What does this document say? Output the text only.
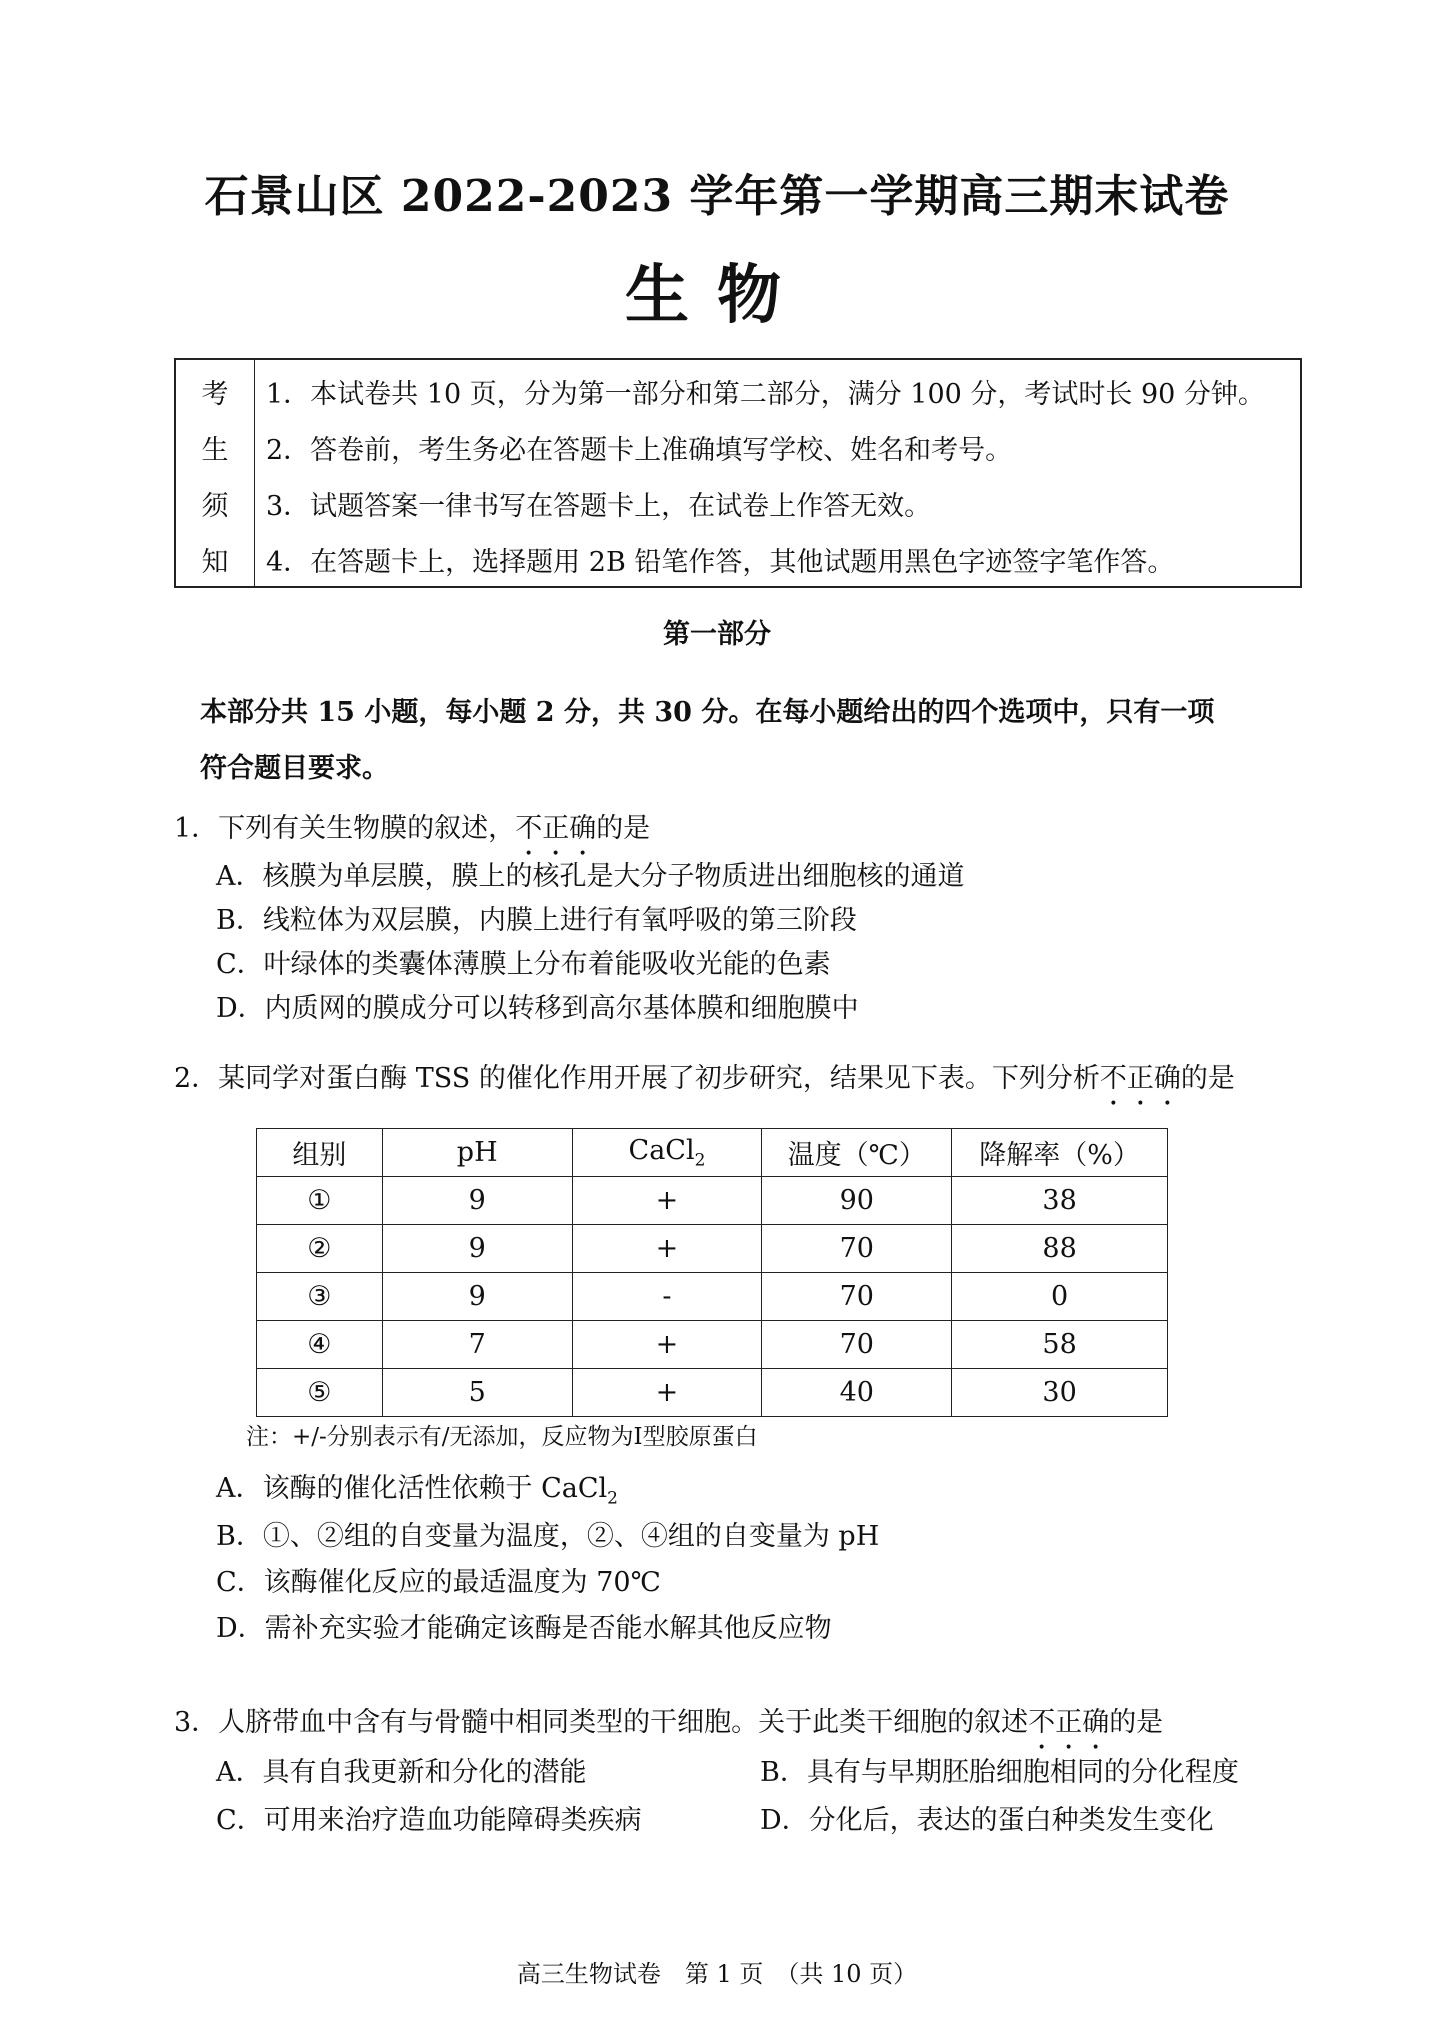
石景山区 2022-2023 学年第一学期高三期末试卷
生物
考
生
须
知
1．本试卷共 10 页，分为第一部分和第二部分，满分 100 分，考试时长 90 分钟。
2．答卷前，考生务必在答题卡上准确填写学校、姓名和考号。
3．试题答案一律书写在答题卡上，在试卷上作答无效。
4．在答题卡上，选择题用 2B 铅笔作答，其他试题用黑色字迹签字笔作答。
第一部分
本部分共 15 小题，每小题 2 分，共 30 分。在每小题给出的四个选项中，只有一项
符合题目要求。
1．下列有关生物膜的叙述，不正确的是
A．核膜为单层膜，膜上的核孔是大分子物质进出细胞核的通道
B．线粒体为双层膜，内膜上进行有氧呼吸的第三阶段
C．叶绿体的类囊体薄膜上分布着能吸收光能的色素
D．内质网的膜成分可以转移到高尔基体膜和细胞膜中
2．某同学对蛋白酶 TSS 的催化作用开展了初步研究，结果见下表。下列分析不正确的是
组别	pH	CaCl$_2$	温度（℃）	降解率（%）
①	9	+	90	38
②	9	+	70	88
③	9	-	70	0
④	7	+	70	58
⑤	5	+	40	30
注：+/-分别表示有/无添加，反应物为I型胶原蛋白
A．该酶的催化活性依赖于 CaCl$_2$
B．①、②组的自变量为温度，②、④组的自变量为 pH
C．该酶催化反应的最适温度为 70℃
D．需补充实验才能确定该酶是否能水解其他反应物
3．人脐带血中含有与骨髓中相同类型的干细胞。关于此类干细胞的叙述不正确的是
A．具有自我更新和分化的潜能	B．具有与早期胚胎细胞相同的分化程度
C．可用来治疗造血功能障碍类疾病	D．分化后，表达的蛋白种类发生变化
高三生物试卷　第 1 页　（共 10 页）
